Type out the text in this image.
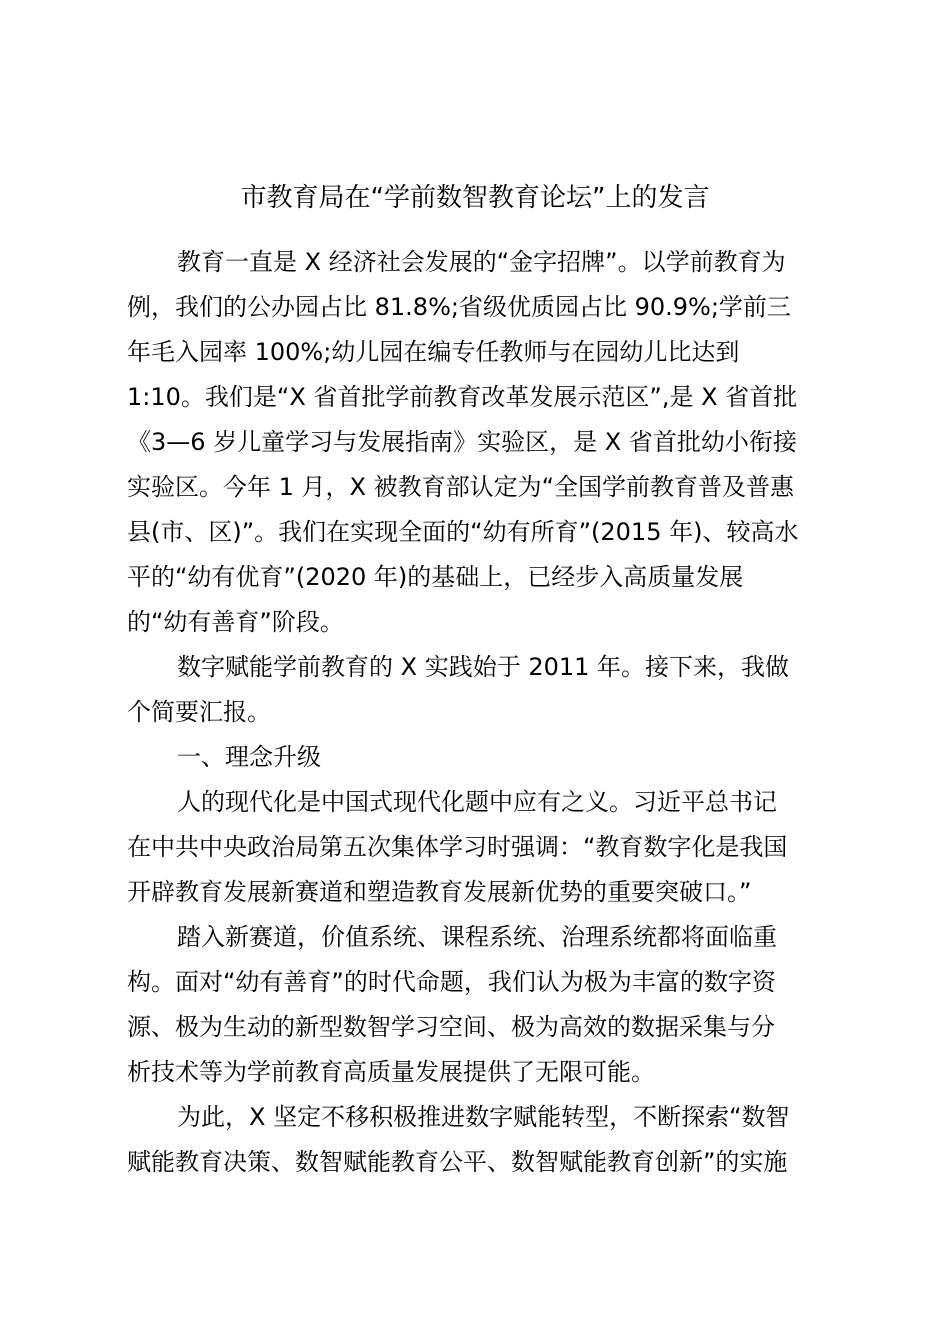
市教育局在“学前数智教育论坛”上的发言

教育一直是 X 经济社会发展的“金字招牌”。以学前教育为

例，我们的公办园占比 81.8%;省级优质园占比 90.9%;学前三

年毛入园率 100%;幼儿园在编专任教师与在园幼儿比达到

1:10。我们是“X 省首批学前教育改革发展示范区”,是 X 省首批

《3—6 岁儿童学习与发展指南》实验区，是 X 省首批幼小衔接

实验区。今年 1 月，X 被教育部认定为“全国学前教育普及普惠

县(市、区)”。我们在实现全面的“幼有所育”(2015 年)、较高水

平的“幼有优育”(2020 年)的基础上，已经步入高质量发展

的“幼有善育”阶段。

数字赋能学前教育的 X 实践始于 2011 年。接下来，我做

个简要汇报。

一、理念升级

人的现代化是中国式现代化题中应有之义。习近平总书记

在中共中央政治局第五次集体学习时强调：“教育数字化是我国

开辟教育发展新赛道和塑造教育发展新优势的重要突破口。”

踏入新赛道，价值系统、课程系统、治理系统都将面临重

构。面对“幼有善育”的时代命题，我们认为极为丰富的数字资

源、极为生动的新型数智学习空间、极为高效的数据采集与分

析技术等为学前教育高质量发展提供了无限可能。

为此，X 坚定不移积极推进数字赋能转型，不断探索“数智

赋能教育决策、数智赋能教育公平、数智赋能教育创新”的实施
